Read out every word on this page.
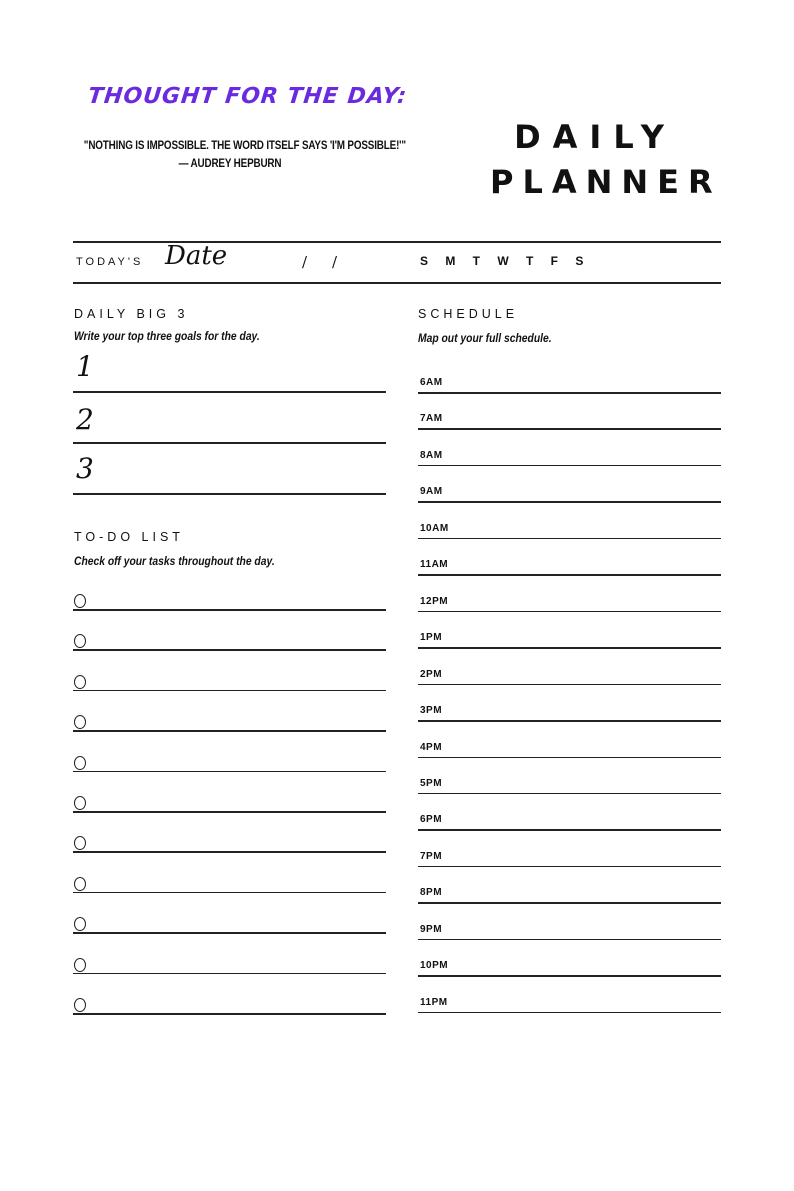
THOUGHT FOR THE DAY:
"NOTHING IS IMPOSSIBLE. THE WORD ITSELF SAYS 'I'M POSSIBLE!'"
— AUDREY HEPBURN
DAILY
PLANNER
TODAY'S Date	/ /	S M T W T F S
DAILY BIG 3
Write your top three goals for the day.
1
2
3
TO-DO LIST
Check off your tasks throughout the day.
SCHEDULE
Map out your full schedule.
6AM
7AM
8AM
9AM
10AM
11AM
12PM
1PM
2PM
3PM
4PM
5PM
6PM
7PM
8PM
9PM
10PM
11PM
